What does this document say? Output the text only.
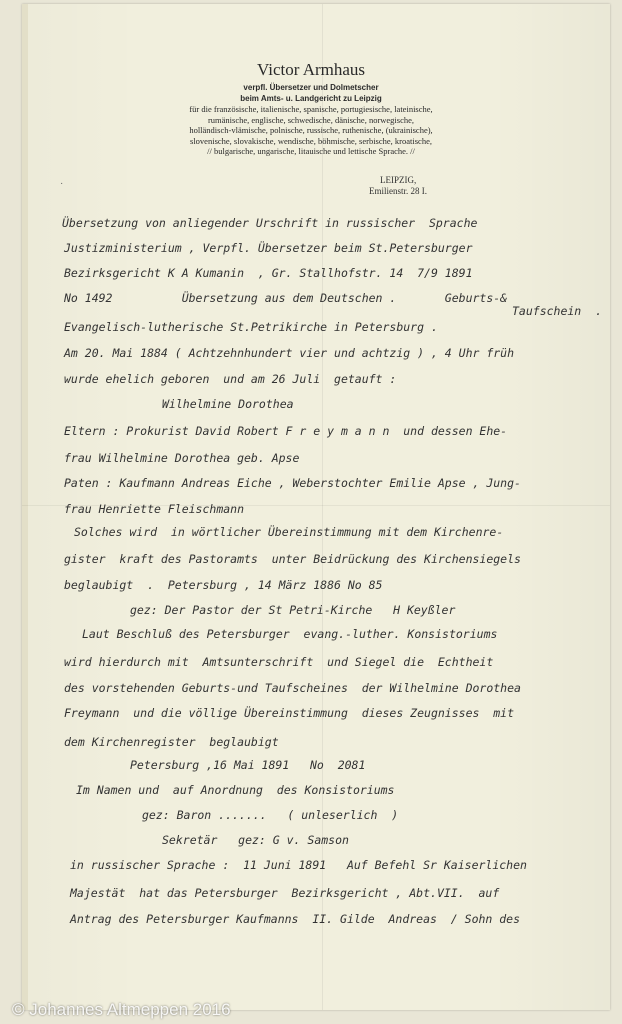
Victor Armhaus
verpfl. Übersetzer und Dolmetscher
beim Amts- u. Landgericht zu Leipzig
für die französische, italienische, spanische, portugiesische, lateinische,
rumänische, englische, schwedische, dänische, norwegische,
holländisch-vlämische, polnische, russische, ruthenische, (ukrainische),
slovenische, slovakische, wendische, böhmische, serbische, kroatische,
// bulgarische, ungarische, litauische und lettische Sprache. //
·	LEIPZIG,
Emilienstr. 28 I.
Übersetzung von anliegender Urschrift in russischer  Sprache
Justizministerium , Verpfl. Übersetzer beim St.Petersburger
Bezirksgericht K A Kumanin  , Gr. Stallhofstr. 14  7/9 1891
No 1492          Übersetzung aus dem Deutschen .       Geburts-&
Taufschein  .
Evangelisch-lutherische St.Petrikirche in Petersburg .
Am 20. Mai 1884 ( Achtzehnhundert vier und achtzig ) , 4 Uhr früh
wurde ehelich geboren  und am 26 Juli  getauft :
Wilhelmine Dorothea
Eltern : Prokurist David Robert F r e y m a n n  und dessen Ehe-
frau Wilhelmine Dorothea geb. Apse
Paten : Kaufmann Andreas Eiche , Weberstochter Emilie Apse , Jung-
frau Henriette Fleischmann
Solches wird  in wörtlicher Übereinstimmung mit dem Kirchenre-
gister  kraft des Pastoramts  unter Beidrückung des Kirchensiegels
beglaubigt  .  Petersburg , 14 März 1886 No 85
gez: Der Pastor der St Petri-Kirche   H Keyßler
Laut Beschluß des Petersburger  evang.-luther. Konsistoriums
wird hierdurch mit  Amtsunterschrift  und Siegel die  Echtheit
des vorstehenden Geburts-und Taufscheines  der Wilhelmine Dorothea
Freymann  und die völlige Übereinstimmung  dieses Zeugnisses  mit
dem Kirchenregister  beglaubigt
Petersburg ,16 Mai 1891   No  2081
Im Namen und  auf Anordnung  des Konsistoriums
gez: Baron .......   ( unleserlich  )
Sekretär   gez: G v. Samson
in russischer Sprache :  11 Juni 1891   Auf Befehl Sr Kaiserlichen
Majestät  hat das Petersburger  Bezirksgericht , Abt.VII.  auf
Antrag des Petersburger Kaufmanns  II. Gilde  Andreas  / Sohn des
© Johannes Altmeppen 2016
